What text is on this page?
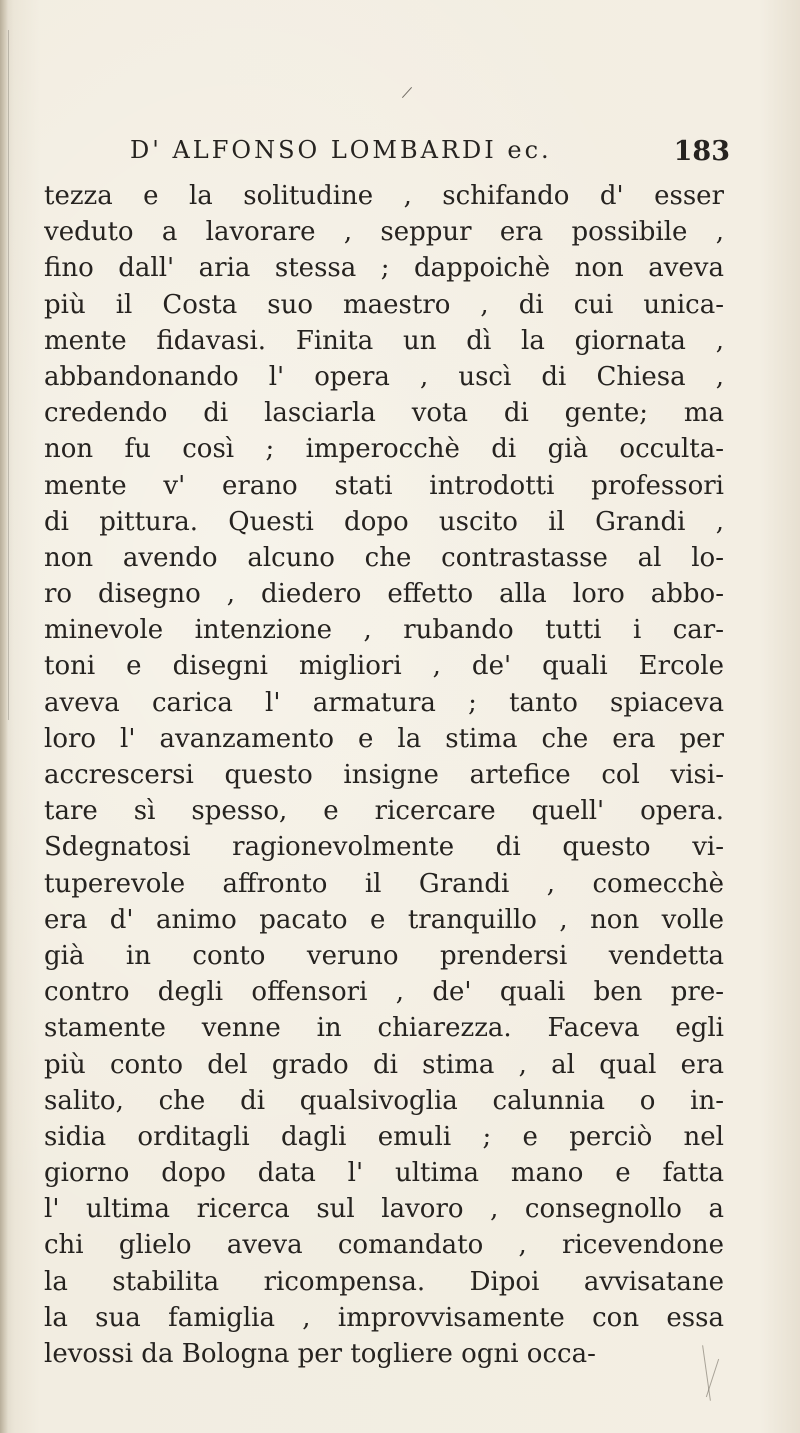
D' ALFONSO LOMBARDI ec.	183
tezza e la solitudine , schifando d' esser
veduto a lavorare , seppur era possibile ,
fino dall' aria stessa ; dappoichè non aveva
più il Costa suo maestro , di cui unica-
mente fidavasi. Finita un dì la giornata ,
abbandonando l' opera , uscì di Chiesa ,
credendo di lasciarla vota di gente; ma
non fu così ; imperocchè di già occulta-
mente v' erano stati introdotti professori
di pittura. Questi dopo uscito il Grandi ,
non avendo alcuno che contrastasse al lo-
ro disegno , diedero effetto alla loro abbo-
minevole intenzione , rubando tutti i car-
toni e disegni migliori , de' quali Ercole
aveva carica l' armatura ; tanto spiaceva
loro l' avanzamento e la stima che era per
accrescersi questo insigne artefice col visi-
tare sì spesso, e ricercare quell' opera.
Sdegnatosi ragionevolmente di questo vi-
tuperevole affronto il Grandi , comecchè
era d' animo pacato e tranquillo , non volle
già in conto veruno prendersi vendetta
contro degli offensori , de' quali ben pre-
stamente venne in chiarezza. Faceva egli
più conto del grado di stima , al qual era
salito, che di qualsivoglia calunnia o in-
sidia orditagli dagli emuli ; e perciò nel
giorno dopo data l' ultima mano e fatta
l' ultima ricerca sul lavoro , consegnollo a
chi glielo aveva comandato , ricevendone
la stabilita ricompensa. Dipoi avvisatane
la sua famiglia , improvvisamente con essa
levossi da Bologna per togliere ogni occa-
